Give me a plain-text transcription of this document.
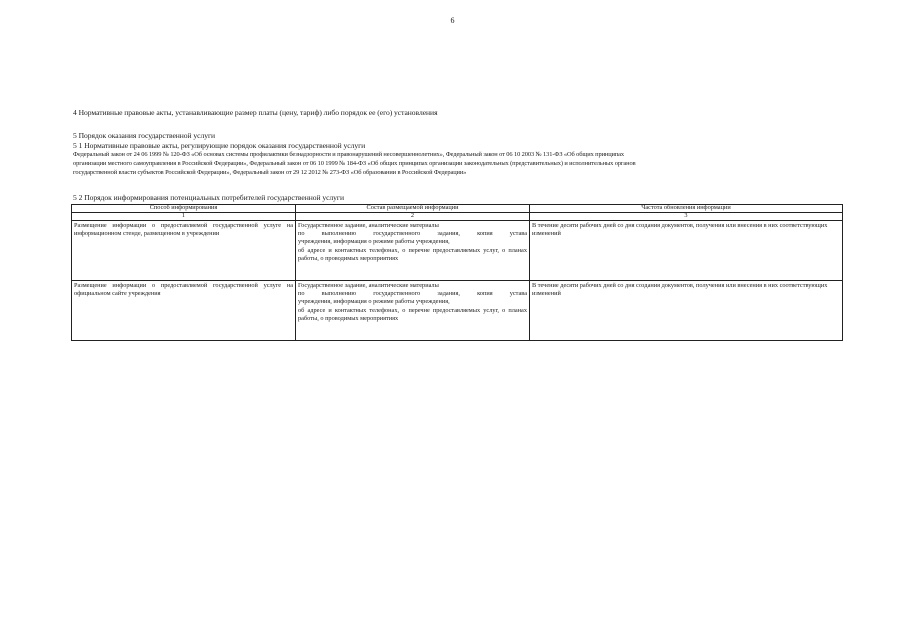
6
4 Нормативные правовые акты, устанавливающие размер платы (цену, тариф) либо порядок ее (его) установления
5 Порядок оказания государственной услуги
5 1 Нормативные правовые акты, регулирующие порядок оказания государственной услуги
Федеральный закон от 24 06 1999 № 120-ФЗ «Об основах системы профилактики безнадзорности и правонарушений несовершеннолетних», Федеральный закон от 06 10 2003 № 131-ФЗ «Об общих принципах
организации местного самоуправления в Российской Федерации», Федеральный закон от 06 10 1999 № 184-ФЗ «Об общих принципах организации законодательных (представительных) и исполнительных органов
государственной власти субъектов Российской Федерации», Федеральный закон от 29 12 2012 № 273-ФЗ «Об образовании в Российской Федерации»
5 2 Порядок информирования потенциальных потребителей государственной услуги
Способ информирования	Состав размещаемой информации	Частота обновления информации
1	2	3
Размещение информации о предоставляемой государственной услуге на информационном стенде, размещенном в учреждении	Государственное задание, аналитические материалы
по выполнению государственного задания, копия устава
учреждения, информация о режиме работы учреждения,
об адресе и контактных телефонах, о перечне предоставляемых услуг, о планах работы, о проводимых мероприятиях	В течение десяти рабочих дней со дня создания документов, получения или внесения в них соответствующих изменений
Размещение информации о предоставляемой государственной услуге на официальном сайте учреждения	Государственное задание, аналитические материалы
по выполнению государственного задания, копия устава
учреждения, информация о режиме работы учреждения,
об адресе и контактных телефонах, о перечне предоставляемых услуг, о планах работы, о проводимых мероприятиях	В течение десяти рабочих дней со дня создания документов, получения или внесения в них соответствующих изменений
